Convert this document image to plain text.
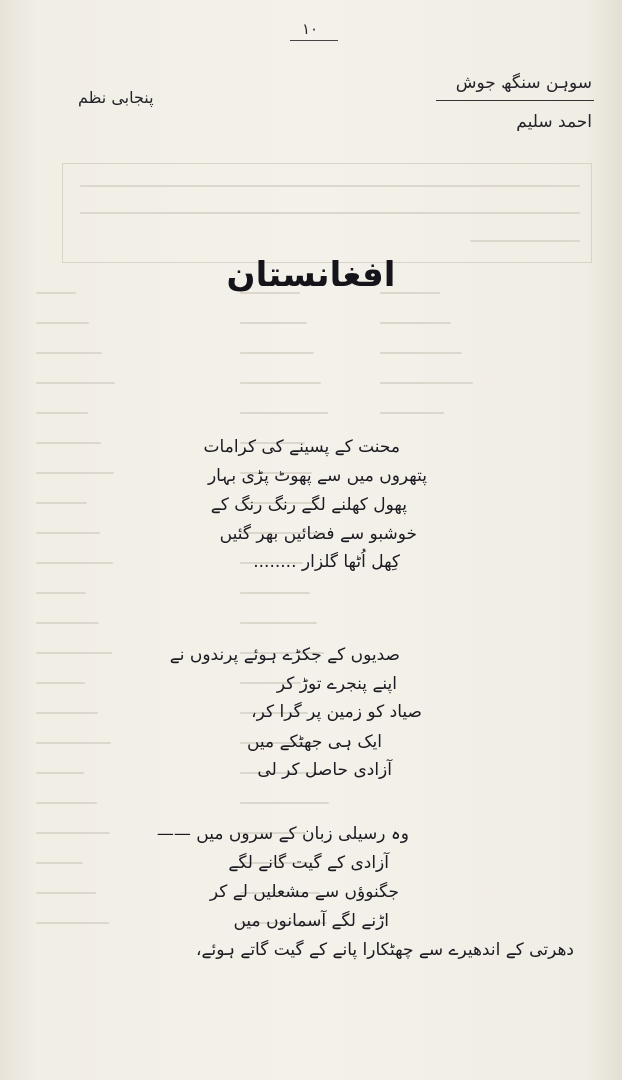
۱۰
سوہن سنگھ جوش
احمد سلیم
پنجابی نظم
افغانستان
محنت کے پسینے کی کرامات
پتھروں میں سے پھوٹ پڑی بہار
پھول کھلنے لگے رنگ رنگ کے
خوشبو سے فضائیں بھر گئیں
کِھل اُٹھا گلزار ........
صدیوں کے جکڑے ہوئے پرندوں نے
اپنے پنجرے توڑ کر
صیاد کو زمین پر گرا کر،
ایک ہی جھٹکے میں
آزادی حاصل کر لی
وہ رسیلی زبان کے سروں میں ——
آزادی کے گیت گانے لگے
جگنوؤں سے مشعلیں لے کر
اڑنے لگے آسمانوں میں
دھرتی کے اندھیرے سے چھٹکارا پانے کے گیت گاتے ہوئے،
